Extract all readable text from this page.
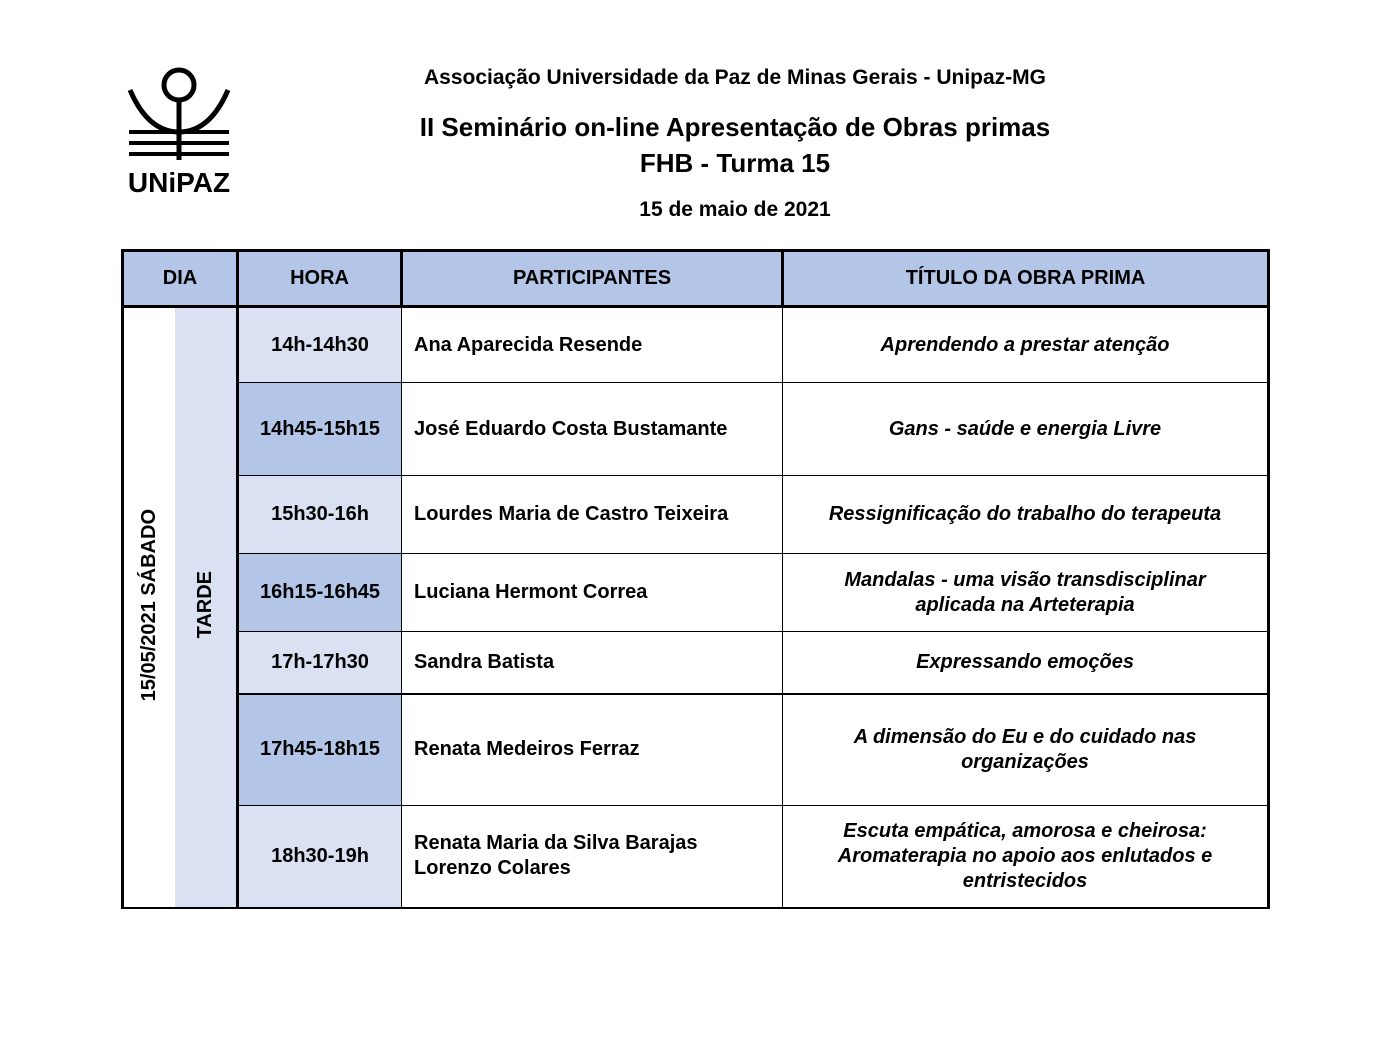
UNiPAZ
Associação Universidade da Paz de Minas Gerais - Unipaz-MG
II Seminário on-line Apresentação de Obras primas
FHB - Turma 15
15 de maio de 2021
DIA		HORA	PARTICIPANTES	TÍTULO DA OBRA PRIMA
15/05/2021 SÁBADO	TARDE	14h-14h30	Ana Aparecida Resende	Aprendendo a prestar atenção
		14h45-15h15	José Eduardo Costa Bustamante	Gans - saúde e energia Livre
		15h30-16h	Lourdes Maria de Castro Teixeira	Ressignificação do trabalho do terapeuta
		16h15-16h45	Luciana Hermont Correa	Mandalas - uma visão transdisciplinar
aplicada na Arteterapia
		17h-17h30	Sandra Batista	Expressando emoções
		17h45-18h15	Renata Medeiros Ferraz	A dimensão do Eu e do cuidado nas
organizações
		18h30-19h	Renata Maria da Silva Barajas
Lorenzo Colares	Escuta empática, amorosa e cheirosa:
Aromaterapia no apoio aos enlutados e
entristecidos
